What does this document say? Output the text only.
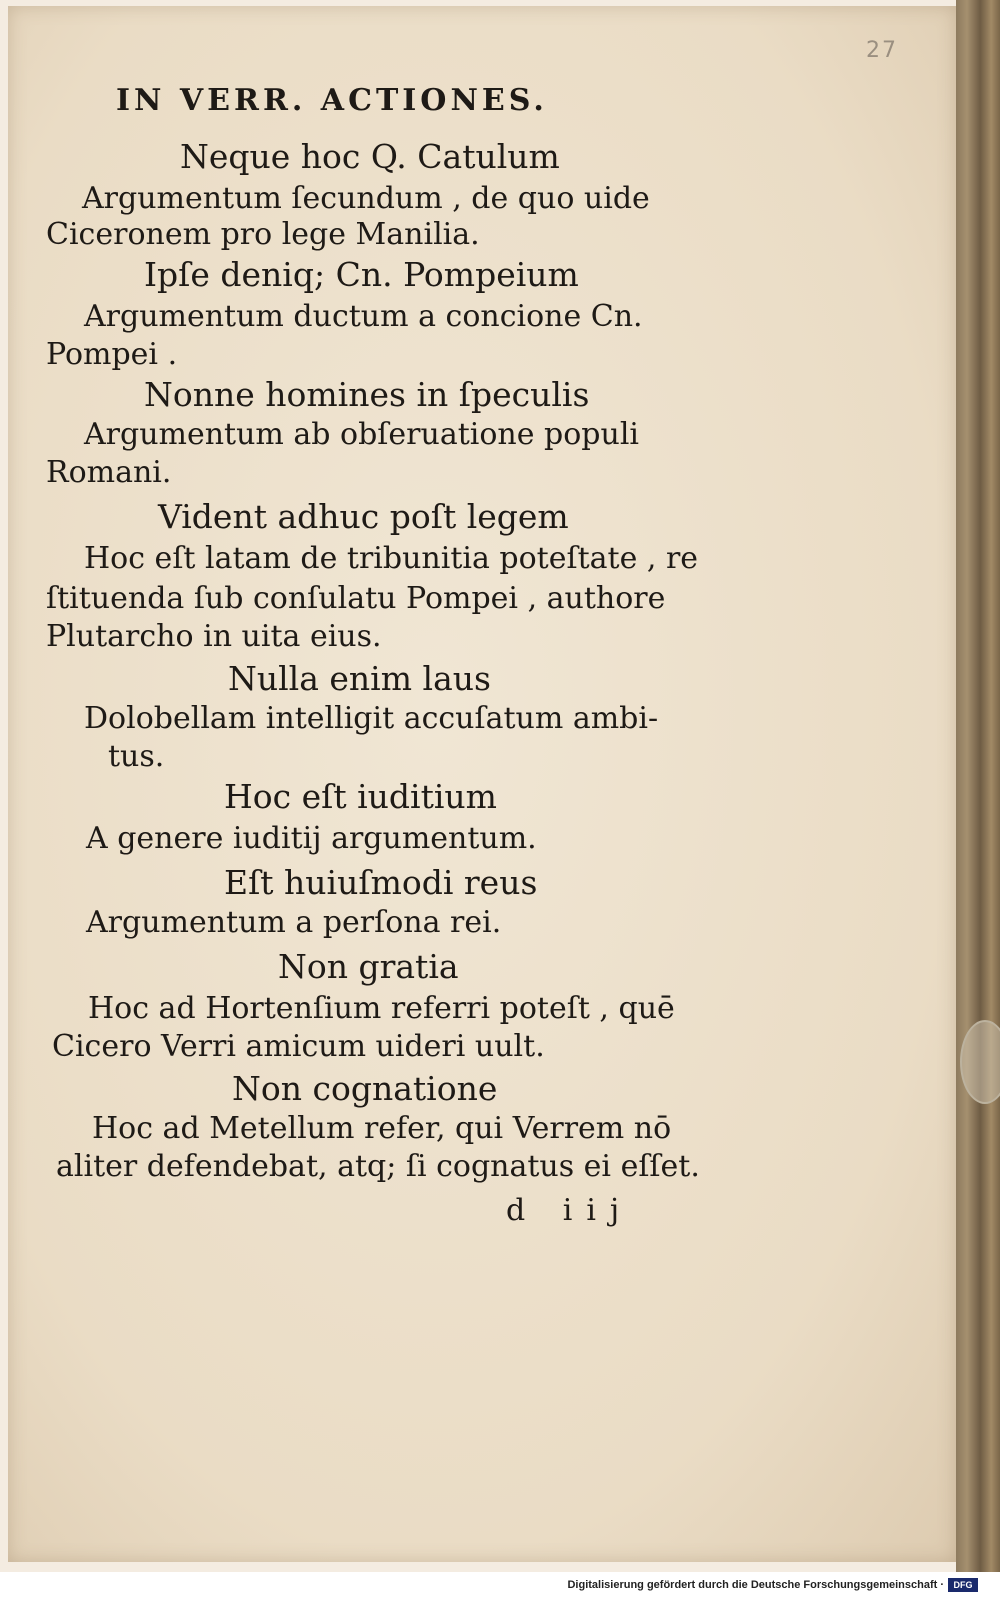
27
IN VERR. ACTIONES.
Neque hoc Q. Catulum
Argumentum ſecundum , de quo uide
Ciceronem pro lege Manilia.
Ipſe deniq; Cn. Pompeium
Argumentum ductum a concione Cn.
Pompei .
Nonne homines in ſpeculis
Argumentum ab obſeruatione populi
Romani.
Vident adhuc poſt legem
Hoc eſt latam de tribunitia poteſtate , re
ſtituenda ſub conſulatu Pompei , authore
Plutarcho in uita eius.
Nulla enim laus
Dolobellam intelligit accuſatum ambi-
tus.
Hoc eſt iuditium
A genere iuditij argumentum.
Eſt huiuſmodi reus
Argumentum a perſona rei.
Non gratia
Hoc ad Hortenſium referri poteſt , quē
Cicero Verri amicum uideri uult.
Non cognatione
Hoc ad Metellum refer, qui Verrem nō
aliter defendebat, atq; ſi cognatus ei eſſet.
d iij
Digitalisierung gefördert durch die Deutsche Forschungsgemeinschaft ·	DFG
